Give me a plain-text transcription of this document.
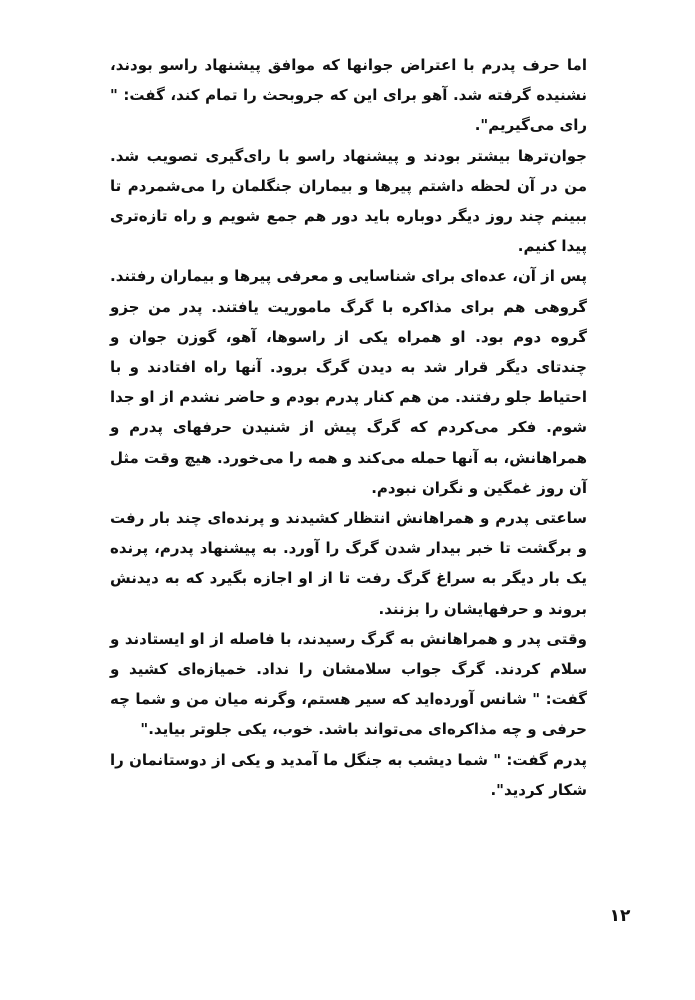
اما حرف پدرم با اعتراض جوانها که موافق پیشنهاد راسو بودند، نشنیده گرفته شد. آهو برای این که جروبحث را تمام کند، گفت: " رای می‌گیریم".

جوان‌ترها بیشتر بودند و پیشنهاد راسو با رای‌گیری تصویب شد. من در آن لحظه داشتم پیرها و بیماران جنگلمان را می‌شمردم تا ببینم چند روز دیگر دوباره باید دور هم جمع شویم و راه تازه‌تری پیدا کنیم.

پس از آن، عده‌ای برای شناسایی و معرفی پیرها و بیماران رفتند. گروهی هم برای مذاکره با گرگ ماموریت یافتند. پدر من جزو گروه دوم بود. او همراه یکی از راسوها، آهو، گوزن جوان و چندتای دیگر قرار شد به دیدن گرگ برود. آنها راه افتادند و با احتیاط جلو رفتند. من هم کنار پدرم بودم و حاضر نشدم از او جدا شوم. فکر می‌کردم که گرگ پیش از شنیدن حرفهای پدرم و همراهانش، به آنها حمله می‌کند و همه را می‌خورد. هیچ وقت مثل آن روز غمگین و نگران نبودم.

ساعتی پدرم و همراهانش انتظار کشیدند و پرنده‌ای چند بار رفت و برگشت تا خبر بیدار شدن گرگ را آورد. به پیشنهاد پدرم، پرنده یک بار دیگر به سراغ گرگ رفت تا از او اجازه بگیرد که به دیدنش بروند و حرفهایشان را بزنند.

وقتی پدر و همراهانش به گرگ رسیدند، با فاصله از او ایستادند و سلام کردند. گرگ جواب سلامشان را نداد. خمیازه‌ای کشید و گفت: " شانس آورده‌اید که سیر هستم، وگرنه میان من و شما چه حرفی و چه مذاکره‌ای می‌تواند باشد. خوب، یکی جلوتر بیاید."

پدرم گفت: " شما دیشب به جنگل ما آمدید و یکی از دوستانمان را شکار کردید".

۱۲
